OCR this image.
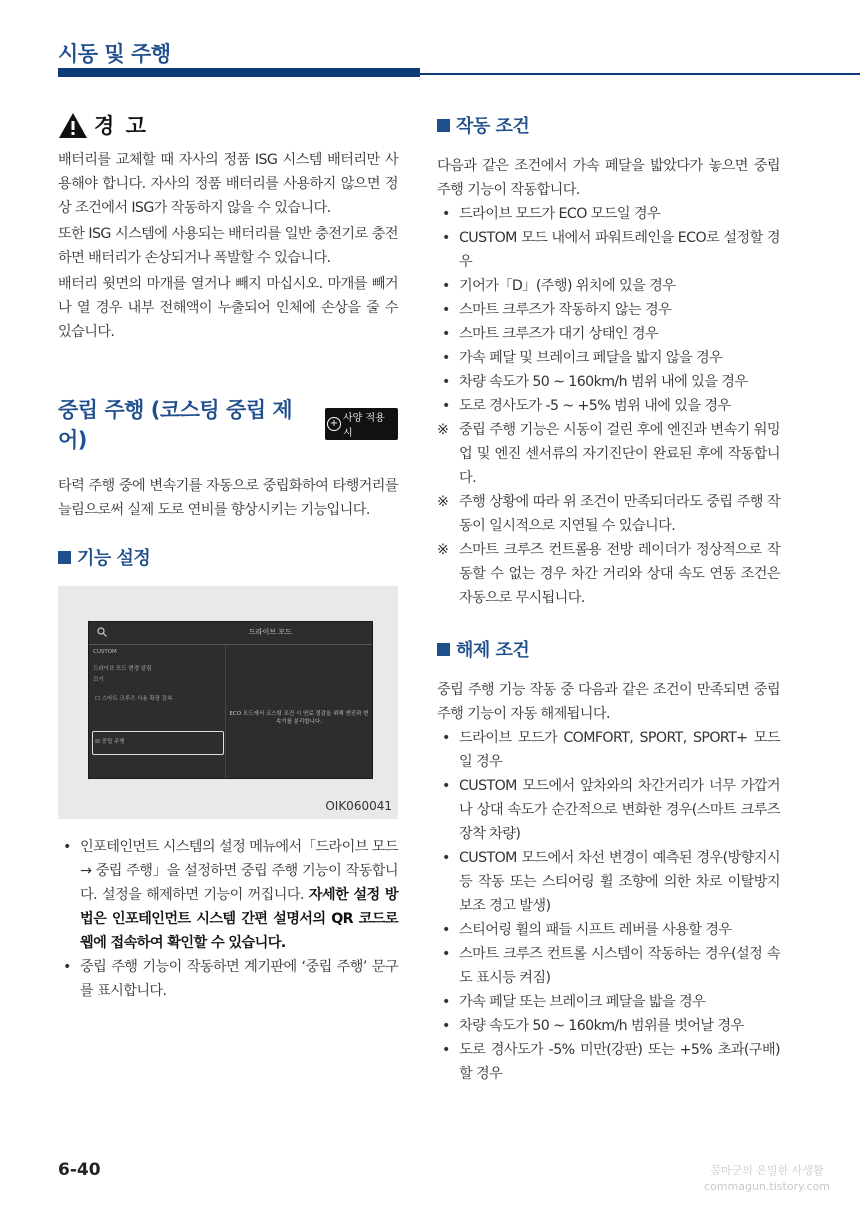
시동 및 주행
경 고

배터리를 교체할 때 자사의 정품 ISG 시스템 배터리만 사용해야 합니다. 자사의 정품 배터리를 사용하지 않으면 정상 조건에서 ISG가 작동하지 않을 수 있습니다.

또한 ISG 시스템에 사용되는 배터리를 일반 충전기로 충전하면 배터리가 손상되거나 폭발할 수 있습니다.

배터리 윗면의 마개를 열거나 빼지 마십시오. 마개를 빼거나 열 경우 내부 전해액이 누출되어 인체에 손상을 줄 수 있습니다.

중립 주행 (코스팅 중립 제어)
+ 사양 적용시

타력 주행 중에 변속기를 자동으로 중립화하여 타행거리를 늘림으로써 실제 도로 연비를 향상시키는 기능입니다.

기능 설정
드라이브 모드
CUSTOM
드라이브 모드 변경 알림
끄기
☐ 스마트 크루즈 사용 확장 감속
☒ 중립 주행
ECO 모드에서 코스팅 조건 시 연료 절감을 위해 엔진과 변속기를 분리합니다.
OIK060041
• 인포테인먼트 시스템의 설정 메뉴에서「드라이브 모드 → 중립 주행」을 설정하면 중립 주행 기능이 작동합니다. 설정을 해제하면 기능이 꺼집니다. 자세한 설정 방법은 인포테인먼트 시스템 간편 설명서의 QR 코드로 웹에 접속하여 확인할 수 있습니다.
• 중립 주행 기능이 작동하면 계기판에 ‘중립 주행’ 문구를 표시합니다.
작동 조건

다음과 같은 조건에서 가속 페달을 밟았다가 놓으면 중립 주행 기능이 작동합니다.

• 드라이브 모드가 ECO 모드일 경우
• CUSTOM 모드 내에서 파워트레인을 ECO로 설정할 경우
• 기어가「D」(주행) 위치에 있을 경우
• 스마트 크루즈가 작동하지 않는 경우
• 스마트 크루즈가 대기 상태인 경우
• 가속 페달 및 브레이크 페달을 밟지 않을 경우
• 차량 속도가 50 ~ 160km/h 범위 내에 있을 경우
• 도로 경사도가 -5 ~ +5% 범위 내에 있을 경우
※ 중립 주행 기능은 시동이 걸린 후에 엔진과 변속기 워밍업 및 엔진 센서류의 자기진단이 완료된 후에 작동합니다.
※ 주행 상황에 따라 위 조건이 만족되더라도 중립 주행 작동이 일시적으로 지연될 수 있습니다.
※ 스마트 크루즈 컨트롤용 전방 레이더가 정상적으로 작동할 수 없는 경우 차간 거리와 상대 속도 연동 조건은 자동으로 무시됩니다.
해제 조건

중립 주행 기능 작동 중 다음과 같은 조건이 만족되면 중립 주행 기능이 자동 해제됩니다.

• 드라이브 모드가 COMFORT, SPORT, SPORT+ 모드일 경우
• CUSTOM 모드에서 앞차와의 차간거리가 너무 가깝거나 상대 속도가 순간적으로 변화한 경우(스마트 크루즈 장착 차량)
• CUSTOM 모드에서 차선 변경이 예측된 경우(방향지시등 작동 또는 스티어링 휠 조향에 의한 차로 이탈방지 보조 경고 발생)
• 스티어링 휠의 패들 시프트 레버를 사용할 경우
• 스마트 크루즈 컨트롤 시스템이 작동하는 경우(설정 속도 표시등 켜짐)
• 가속 페달 또는 브레이크 페달을 밟을 경우
• 차량 속도가 50 ~ 160km/h 범위를 벗어날 경우
• 도로 경사도가 -5% 미만(강판) 또는 +5% 초과(구배)할 경우
6-40	콤마군의 은밀한 사생활
commagun.tistory.com
